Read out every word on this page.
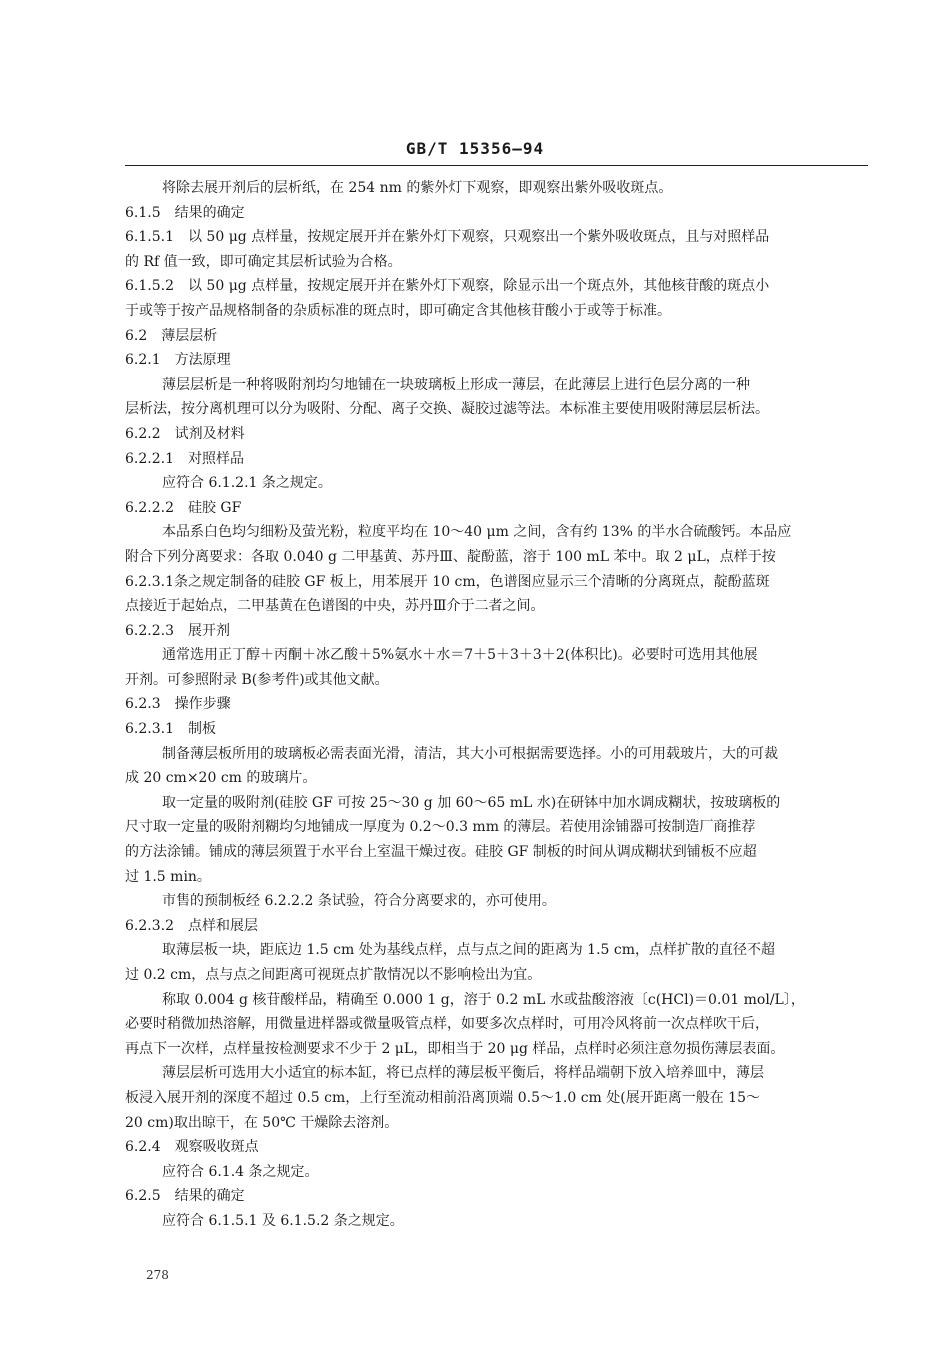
GB/T 15356—94
将除去展开剂后的层析纸，在 254 nm 的紫外灯下观察，即观察出紫外吸收斑点。
6.1.5　结果的确定
6.1.5.1　以 50 μg 点样量，按规定展开并在紫外灯下观察，只观察出一个紫外吸收斑点，且与对照样品
的 Rf 值一致，即可确定其层析试验为合格。
6.1.5.2　以 50 μg 点样量，按规定展开并在紫外灯下观察，除显示出一个斑点外，其他核苷酸的斑点小
于或等于按产品规格制备的杂质标准的斑点时，即可确定含其他核苷酸小于或等于标准。
6.2　薄层层析
6.2.1　方法原理
薄层层析是一种将吸附剂均匀地铺在一块玻璃板上形成一薄层，在此薄层上进行色层分离的一种
层析法，按分离机理可以分为吸附、分配、离子交换、凝胶过滤等法。本标准主要使用吸附薄层层析法。
6.2.2　试剂及材料
6.2.2.1　对照样品
应符合 6.1.2.1 条之规定。
6.2.2.2　硅胶 GF
本品系白色均匀细粉及萤光粉，粒度平均在 10～40 μm 之间，含有约 13% 的半水合硫酸钙。本品应
附合下列分离要求：各取 0.040 g 二甲基黄、苏丹Ⅲ、靛酚蓝，溶于 100 mL 苯中。取 2 μL，点样于按
6.2.3.1条之规定制备的硅胶 GF 板上，用苯展开 10 cm，色谱图应显示三个清晰的分离斑点，靛酚蓝斑
点接近于起始点，二甲基黄在色谱图的中央，苏丹Ⅲ介于二者之间。
6.2.2.3　展开剂
通常选用正丁醇＋丙酮＋冰乙酸＋5%氨水＋水＝7＋5＋3＋3＋2(体积比)。必要时可选用其他展
开剂。可参照附录 B(参考件)或其他文献。
6.2.3　操作步骤
6.2.3.1　制板
制备薄层板所用的玻璃板必需表面光滑，清洁，其大小可根据需要选择。小的可用载玻片，大的可裁
成 20 cm×20 cm 的玻璃片。
取一定量的吸附剂(硅胶 GF 可按 25～30 g 加 60～65 mL 水)在研钵中加水调成糊状，按玻璃板的
尺寸取一定量的吸附剂糊均匀地铺成一厚度为 0.2～0.3 mm 的薄层。若使用涂铺器可按制造厂商推荐
的方法涂铺。铺成的薄层须置于水平台上室温干燥过夜。硅胶 GF 制板的时间从调成糊状到铺板不应超
过 1.5 min。
市售的预制板经 6.2.2.2 条试验，符合分离要求的，亦可使用。
6.2.3.2　点样和展层
取薄层板一块，距底边 1.5 cm 处为基线点样，点与点之间的距离为 1.5 cm，点样扩散的直径不超
过 0.2 cm，点与点之间距离可视斑点扩散情况以不影响检出为宜。
称取 0.004 g 核苷酸样品，精确至 0.000 1 g，溶于 0.2 mL 水或盐酸溶液〔c(HCl)＝0.01 mol/L〕，
必要时稍微加热溶解，用微量进样器或微量吸管点样，如要多次点样时，可用冷风将前一次点样吹干后，
再点下一次样，点样量按检测要求不少于 2 μL，即相当于 20 μg 样品，点样时必须注意勿损伤薄层表面。
薄层层析可选用大小适宜的标本缸，将已点样的薄层板平衡后，将样品端朝下放入培养皿中，薄层
板浸入展开剂的深度不超过 0.5 cm，上行至流动相前沿离顶端 0.5～1.0 cm 处(展开距离一般在 15～
20 cm)取出晾干，在 50℃ 干燥除去溶剂。
6.2.4　观察吸收斑点
应符合 6.1.4 条之规定。
6.2.5　结果的确定
应符合 6.1.5.1 及 6.1.5.2 条之规定。
278
